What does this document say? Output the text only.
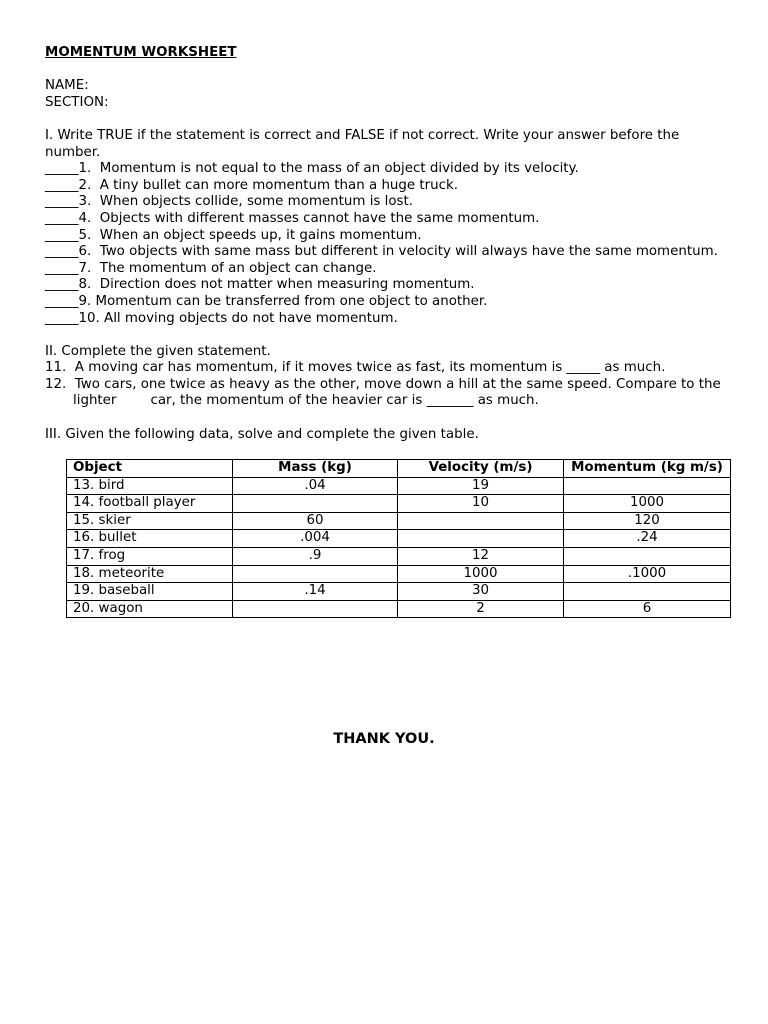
MOMENTUM WORKSHEET
NAME:
SECTION:
I. Write TRUE if the statement is correct and FALSE if not correct. Write your answer before the number.
_____1.  Momentum is not equal to the mass of an object divided by its velocity.
_____2.  A tiny bullet can more momentum than a huge truck.
_____3.  When objects collide, some momentum is lost.
_____4.  Objects with different masses cannot have the same momentum.
_____5.  When an object speeds up, it gains momentum.
_____6.  Two objects with same mass but different in velocity will always have the same momentum.
_____7.  The momentum of an object can change.
_____8.  Direction does not matter when measuring momentum.
_____9. Momentum can be transferred from one object to another.
_____10. All moving objects do not have momentum.
II. Complete the given statement.
11.  A moving car has momentum, if it moves twice as fast, its momentum is _____ as much.
12.  Two cars, one twice as heavy as the other, move down a hill at the same speed. Compare to the lighter        car, the momentum of the heavier car is _______ as much.
III. Given the following data, solve and complete the given table.
Object	Mass (kg)	Velocity (m/s)	Momentum (kg m/s)
13. bird	.04	19	
14. football player		10	1000
15. skier	60		120
16. bullet	.004		.24
17. frog	.9	12	
18. meteorite		1000	.1000
19. baseball	.14	30	
20. wagon		2	6
THANK YOU.
